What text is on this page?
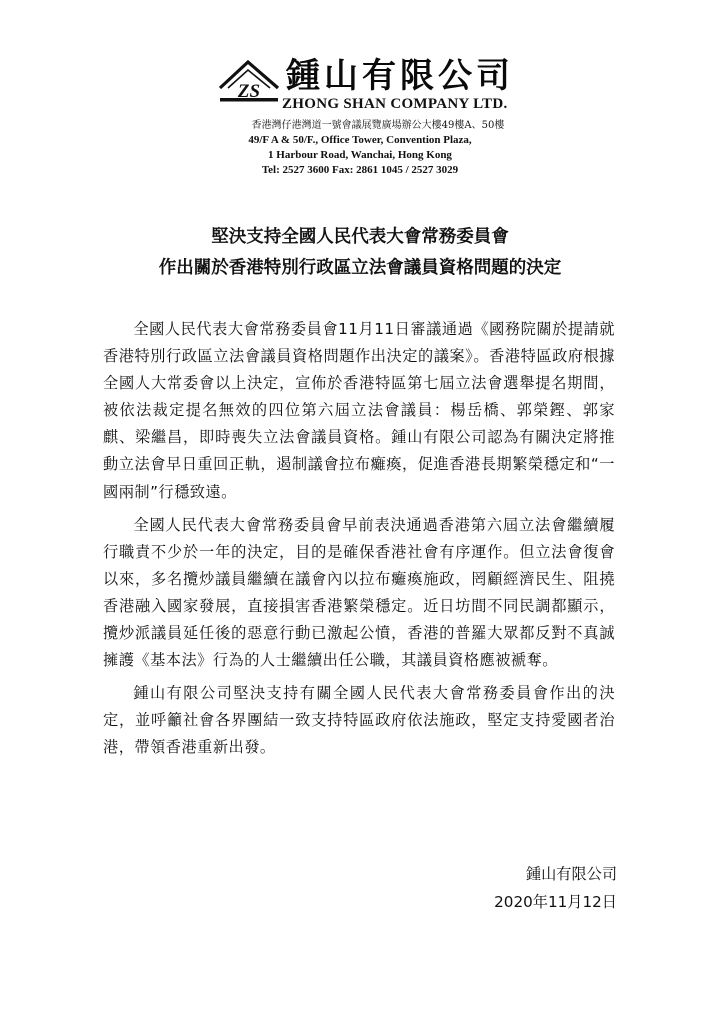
ZS 鍾山有限公司
ZHONG SHAN COMPANY LTD.
香港灣仔港灣道一號會議展覽廣場辦公大樓49樓A、50樓
49/F A & 50/F., Office Tower, Convention Plaza,
1 Harbour Road, Wanchai, Hong Kong
Tel: 2527 3600 Fax: 2861 1045 / 2527 3029
堅決支持全國人民代表大會常務委員會
作出關於香港特別行政區立法會議員資格問題的決定

全國人民代表大會常務委員會11月11日審議通過《國務院關於提請就香港特別行政區立法會議員資格問題作出決定的議案》。香港特區政府根據全國人大常委會以上決定，宣佈於香港特區第七屆立法會選舉提名期間，被依法裁定提名無效的四位第六屆立法會議員：楊岳橋、郭榮鏗、郭家麒、梁繼昌，即時喪失立法會議員資格。鍾山有限公司認為有關決定將推動立法會早日重回正軌，遏制議會拉布癱瘓，促進香港長期繁榮穩定和“一國兩制”行穩致遠。

全國人民代表大會常務委員會早前表決通過香港第六屆立法會繼續履行職責不少於一年的決定，目的是確保香港社會有序運作。但立法會復會以來，多名攬炒議員繼續在議會內以拉布癱瘓施政，罔顧經濟民生、阻撓香港融入國家發展，直接損害香港繁榮穩定。近日坊間不同民調都顯示，攬炒派議員延任後的惡意行動已激起公憤，香港的普羅大眾都反對不真誠擁護《基本法》行為的人士繼續出任公職，其議員資格應被褫奪。

鍾山有限公司堅決支持有關全國人民代表大會常務委員會作出的決定，並呼籲社會各界團結一致支持特區政府依法施政，堅定支持愛國者治港，帶領香港重新出發。

鍾山有限公司
2020年11月12日
